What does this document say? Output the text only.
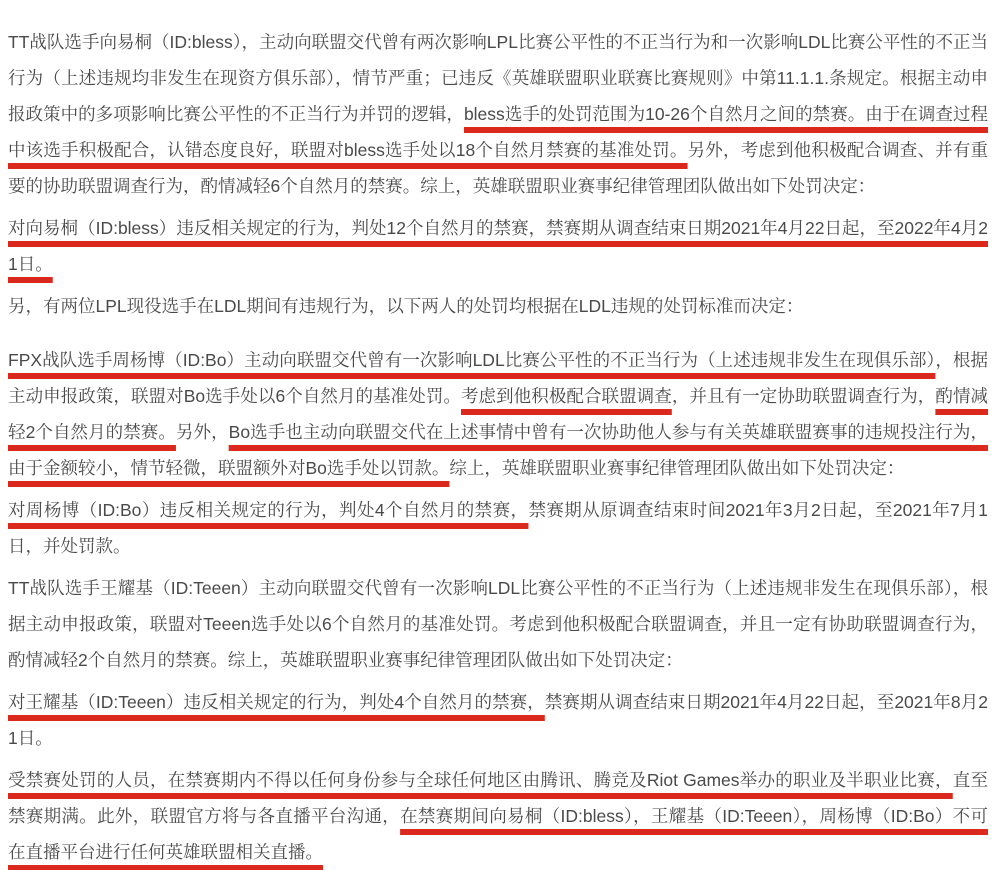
TT战队选手向易桐（ID:bless），主动向联盟交代曾有两次影响LPL比赛公平性的不正当行为和一次影响LDL比赛公平性的不正当行为（上述违规均非发生在现资方俱乐部），情节严重；已违反《英雄联盟职业联赛比赛规则》中第11.1.1.条规定。根据主动申报政策中的多项影响比赛公平性的不正当行为并罚的逻辑，bless选手的处罚范围为10-26个自然月之间的禁赛。由于在调查过程中该选手积极配合，认错态度良好，联盟对bless选手处以18个自然月禁赛的基准处罚。另外，考虑到他积极配合调查、并有重要的协助联盟调查行为，酌情减轻6个自然月的禁赛。综上，英雄联盟职业赛事纪律管理团队做出如下处罚决定：

对向易桐（ID:bless）违反相关规定的行为，判处12个自然月的禁赛，禁赛期从调查结束日期2021年4月22日起，至2022年4月21日。

另，有两位LPL现役选手在LDL期间有违规行为，以下两人的处罚均根据在LDL违规的处罚标准而决定：

FPX战队选手周杨博（ID:Bo）主动向联盟交代曾有一次影响LDL比赛公平性的不正当行为（上述违规非发生在现俱乐部），根据主动申报政策，联盟对Bo选手处以6个自然月的基准处罚。考虑到他积极配合联盟调查，并且有一定协助联盟调查行为，酌情减轻2个自然月的禁赛。另外，Bo选手也主动向联盟交代在上述事情中曾有一次协助他人参与有关英雄联盟赛事的违规投注行为，由于金额较小，情节轻微，联盟额外对Bo选手处以罚款。综上，英雄联盟职业赛事纪律管理团队做出如下处罚决定：

对周杨博（ID:Bo）违反相关规定的行为，判处4个自然月的禁赛，禁赛期从原调查结束时间2021年3月2日起，至2021年7月1日，并处罚款。

TT战队选手王耀基（ID:Teeen）主动向联盟交代曾有一次影响LDL比赛公平性的不正当行为（上述违规非发生在现俱乐部），根据主动申报政策，联盟对Teeen选手处以6个自然月的基准处罚。考虑到他积极配合联盟调查，并且一定有协助联盟调查行为，酌情减轻2个自然月的禁赛。综上，英雄联盟职业赛事纪律管理团队做出如下处罚决定：

对王耀基（ID:Teeen）违反相关规定的行为，判处4个自然月的禁赛，禁赛期从调查结束日期2021年4月22日起，至2021年8月21日。

受禁赛处罚的人员，在禁赛期内不得以任何身份参与全球任何地区由腾讯、腾竞及Riot Games举办的职业及半职业比赛，直至禁赛期满。此外，联盟官方将与各直播平台沟通，在禁赛期间向易桐（ID:bless），王耀基（ID:Teeen），周杨博（ID:Bo）不可在直播平台进行任何英雄联盟相关直播。
